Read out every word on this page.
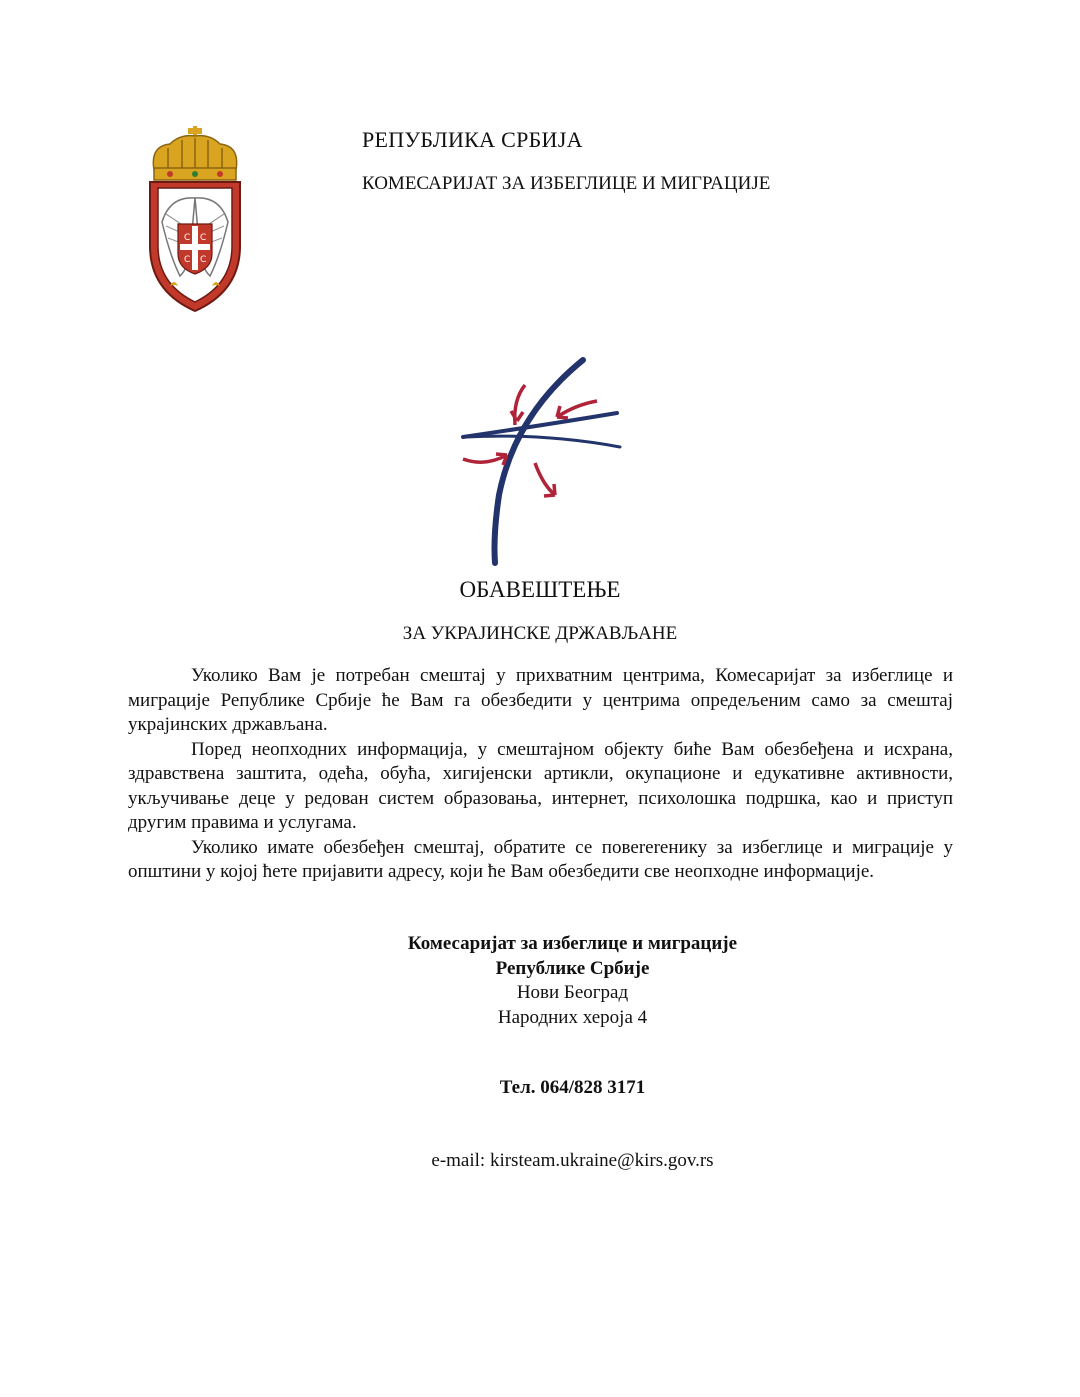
С С
С С
РЕПУБЛИКА СРБИЈА
КОМЕСАРИЈАТ ЗА ИЗБЕГЛИЦЕ И МИГРАЦИЈЕ
ОБАВЕШТЕЊЕ
ЗА УКРАЈИНСКЕ ДРЖАВЉАНЕ

Уколико Вам је потребан смештај у прихватним центрима, Комесаријат за избеглице и миграције Републике Србије ће Вам га обезбедити у центрима опредељеним само за смештај украјинских држављана.

Поред неопходних информација, у смештајном објекту биће Вам обезбеђена и исхрана, здравствена заштита, одећа, обућа, хигијенски артикли, окупационе и едукативне активности, укључивање деце у редован систем образовања, интернет, психолошка подршка, као и приступ другим правима и услугама.

Уколико имате обезбеђен смештај, обратите се повererенику за избеглице и миграције у општини у којој ћете пријавити адресу, који ће Вам обезбедити све неопходне информације.

Комесаријат за избеглице и миграције
Републике Србије
Нови Београд
Народних хероја 4
Тел. 064/828 3171
e-mail: kirsteam.ukraine@kirs.gov.rs
